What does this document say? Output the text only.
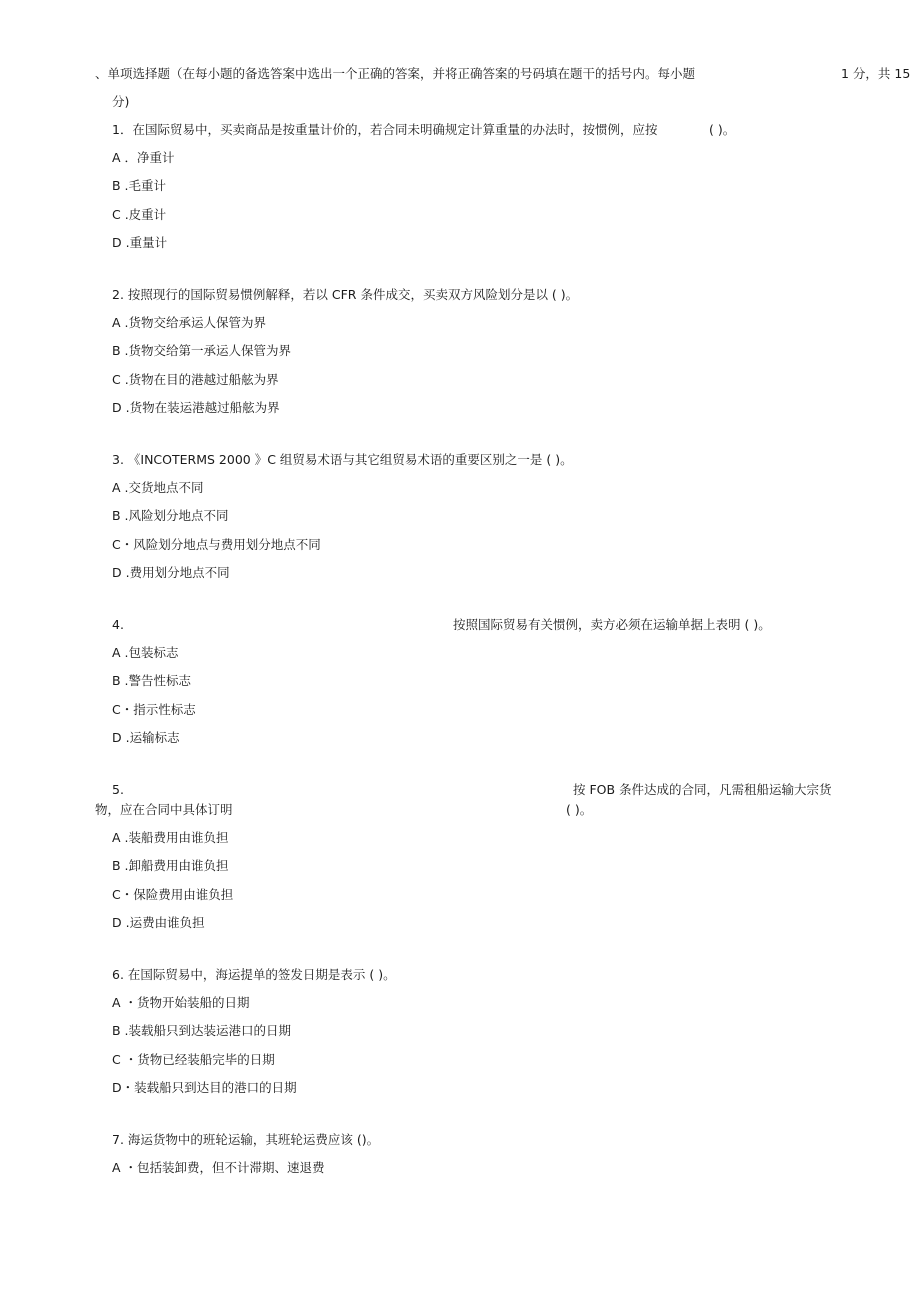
、单项选择题（在每小题的备选答案中选出一个正确的答案，并将正确答案的号码填在题干的括号内。每小题	1 分，共 15
分)
1．在国际贸易中，买卖商品是按重量计价的，若合同未明确规定计算重量的办法时，按惯例，应按	( )。
A ．净重计
B .毛重计
C .皮重计
D .重量计
2. 按照现行的国际贸易惯例解释，若以 CFR 条件成交，买卖双方风险划分是以 ( )。
A .货物交给承运人保管为界
B .货物交给第一承运人保管为界
C .货物在目的港越过船舷为界
D .货物在装运港越过船舷为界
3. 《INCOTERMS 2000 》C 组贸易术语与其它组贸易术语的重要区别之一是 ( )。
A .交货地点不同
B .风险划分地点不同
C・风险划分地点与费用划分地点不同
D .费用划分地点不同
4.	按照国际贸易有关惯例，卖方必须在运输单据上表明 ( )。
A .包装标志
B .警告性标志
C・指示性标志
D .运输标志
5.	按 FOB 条件达成的合同，凡需租船运输大宗货
物，应在合同中具体订明	( )。
A .装船费用由谁负担
B .卸船费用由谁负担
C・保险费用由谁负担
D .运费由谁负担
6. 在国际贸易中，海运提单的签发日期是表示 ( )。
A ・货物开始装船的日期
B .装载船只到达装运港口的日期
C ・货物已经装船完毕的日期
D・装载船只到达目的港口的日期
7. 海运货物中的班轮运输，其班轮运费应该 ()。
A ・包括装卸费，但不计滞期、速退费
